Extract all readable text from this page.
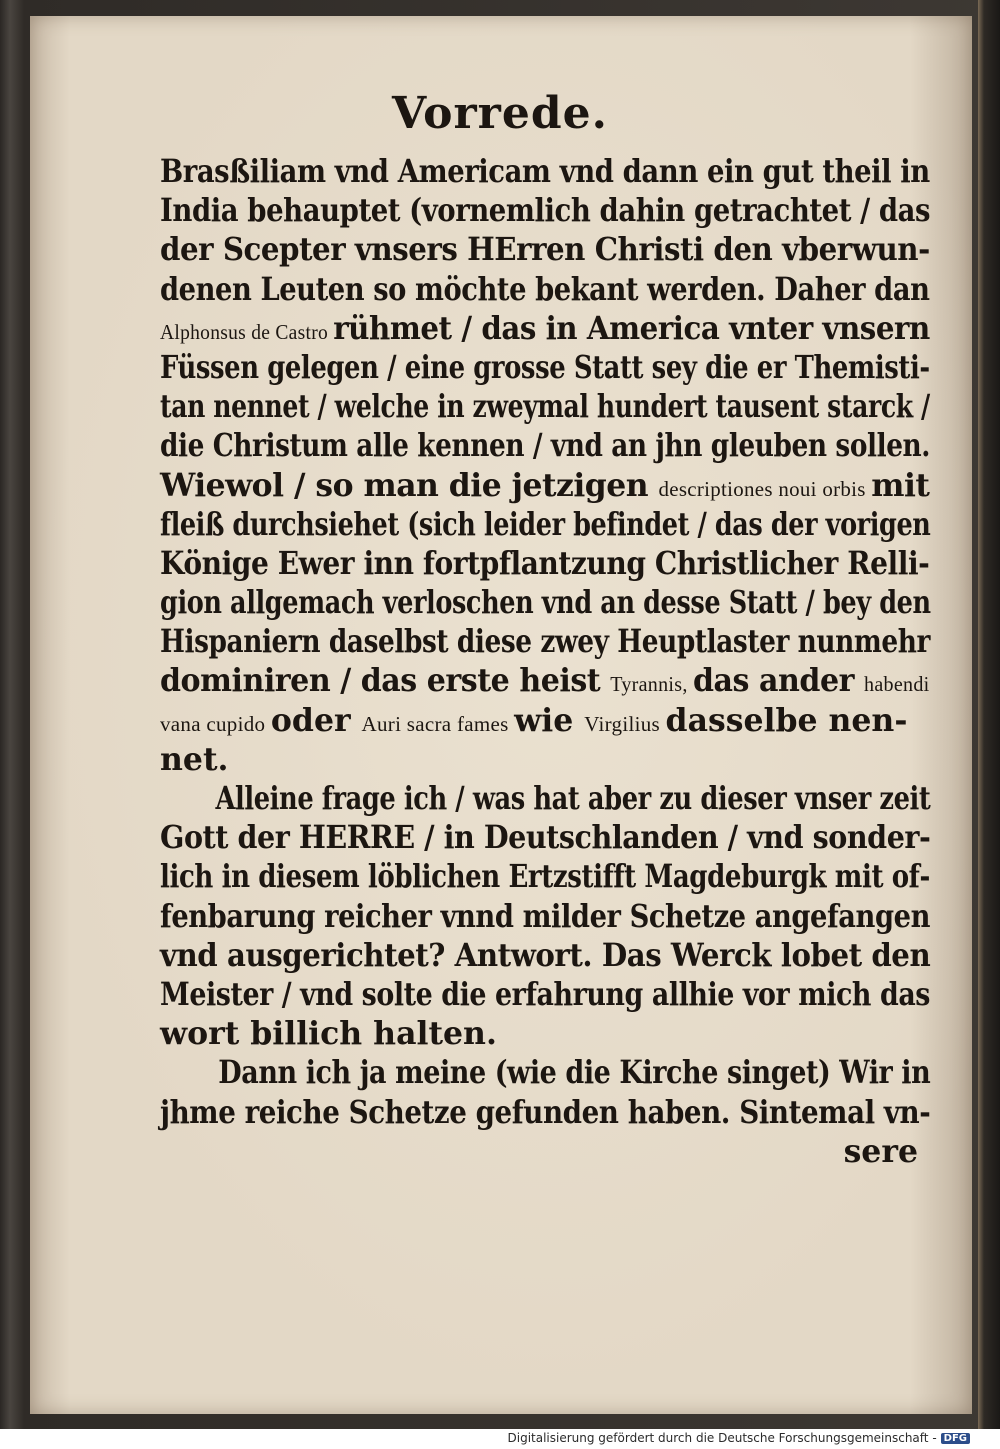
Vorrede.
Brasßiliam vnd Americam vnd dann ein gut theil in
India behauptet (vornemlich dahin getrachtet / das
der Scepter vnsers HErren Christi den vberwun‑
denen Leuten so möchte bekant werden. Daher dan
Alphonsus de Castro rühmet / das in America vnter vnsern
Füssen gelegen / eine grosse Statt sey die er Themisti‑
tan nennet / welche in zweymal hundert tausent starck /
die Christum alle kennen / vnd an jhn gleuben sollen.
Wiewol / so man die jetzigen descriptiones noui orbis mit
fleiß durchsiehet (sich leider befindet / das der vorigen
Könige Ewer inn fortpflantzung Christlicher Relli‑
gion allgemach verloschen vnd an desse Statt / bey den
Hispaniern daselbst diese zwey Heuptlaster nunmehr
dominiren / das erste heist Tyrannis, das ander habendi
vana cupido oder Auri sacra fames wie Virgilius dasselbe nen‑
net.
Alleine frage ich / was hat aber zu dieser vnser zeit
Gott der HERRE / in Deutschlanden / vnd sonder‑
lich in diesem löblichen Ertzstifft Magdeburgk mit of‑
fenbarung reicher vnnd milder Schetze angefangen
vnd ausgerichtet? Antwort. Das Werck lobet den
Meister / vnd solte die erfahrung allhie vor mich das
wort billich halten.
Dann ich ja meine (wie die Kirche singet) Wir in
jhme reiche Schetze gefunden haben. Sintemal vn‑
sere
Digitalisierung gefördert durch die Deutsche Forschungsgemeinschaft - DFG
